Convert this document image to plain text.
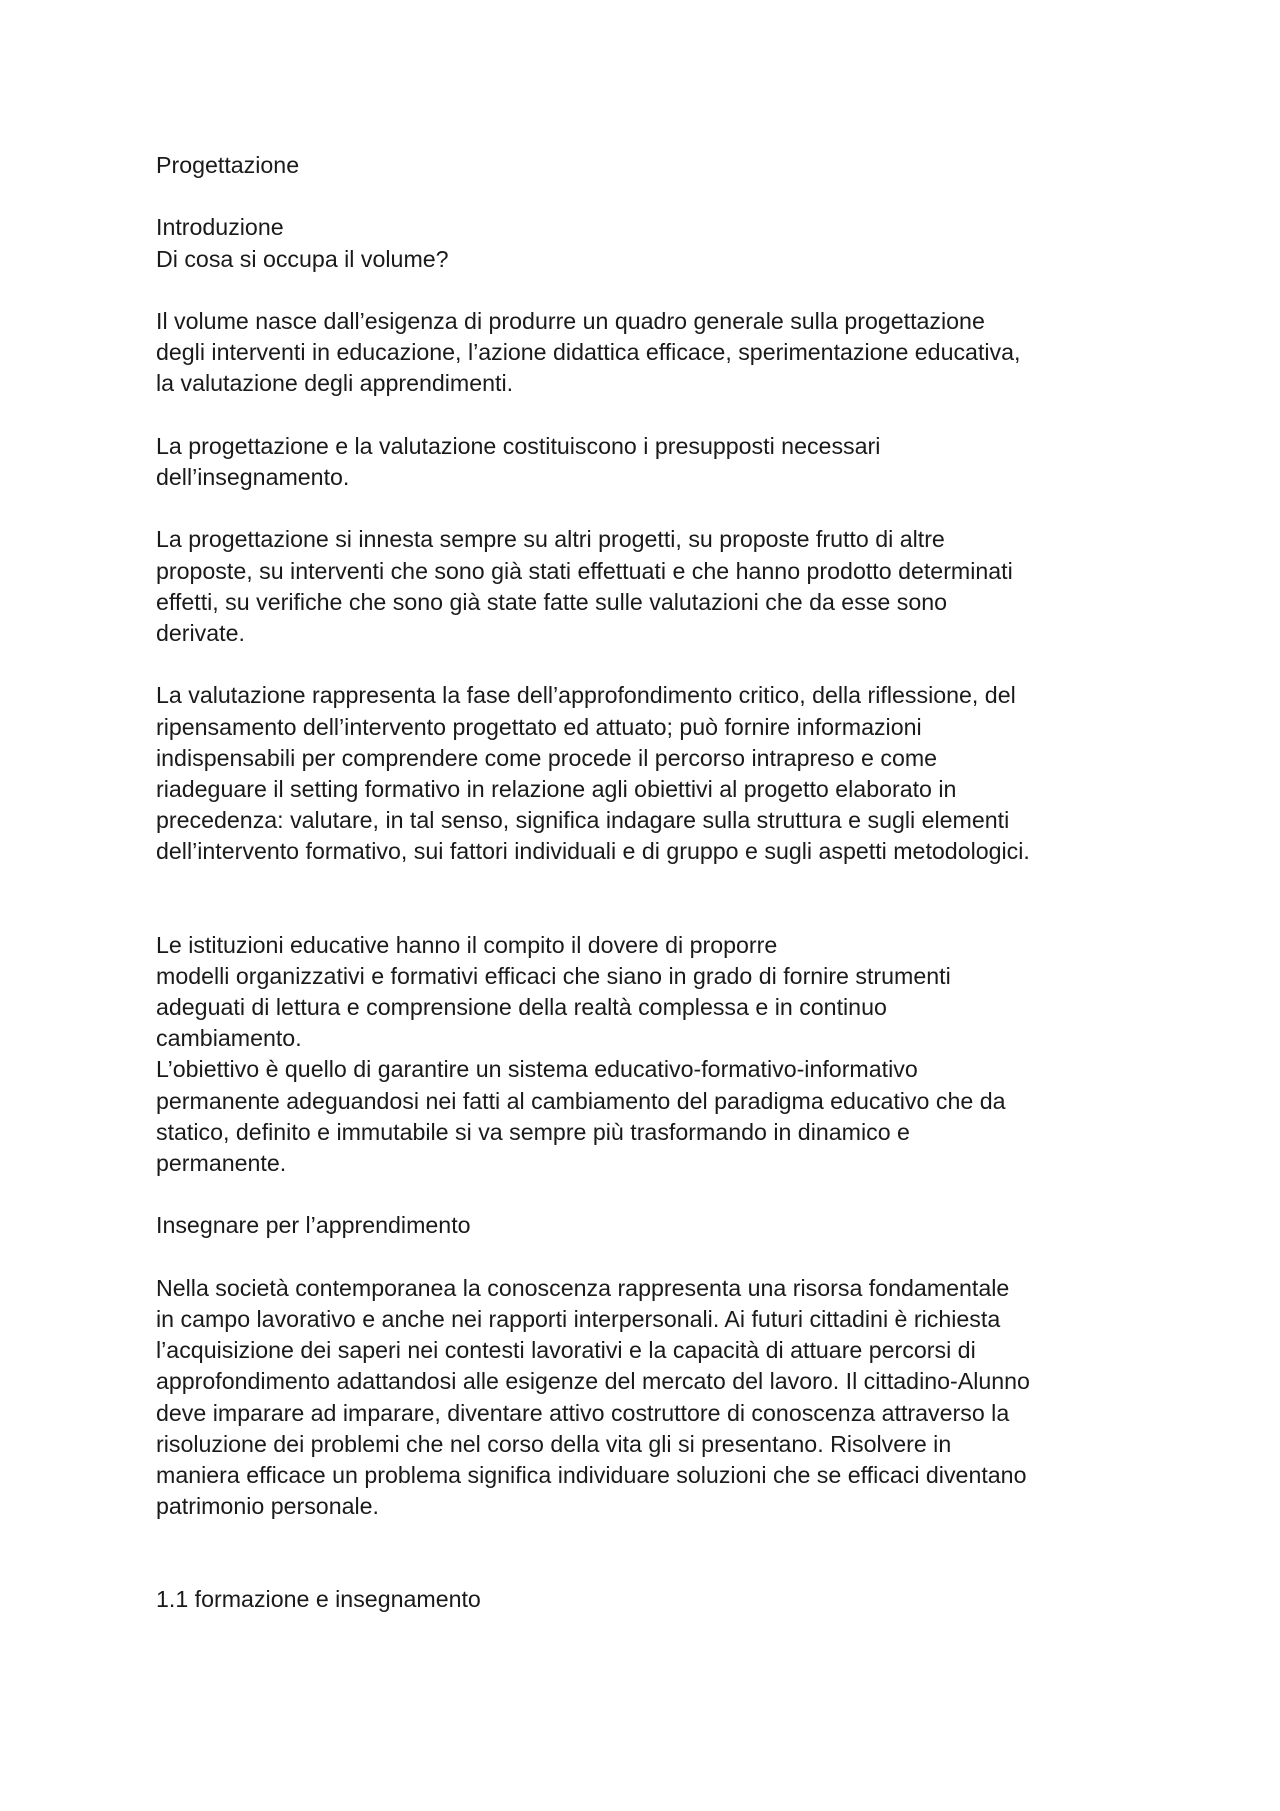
Progettazione
Introduzione
Di cosa si occupa il volume?
Il volume nasce dall’esigenza di produrre un quadro generale sulla progettazione
degli interventi in educazione, l’azione didattica efficace, sperimentazione educativa,
la valutazione degli apprendimenti.
La progettazione e la valutazione costituiscono i presupposti necessari
dell’insegnamento.
La progettazione si innesta sempre su altri progetti, su proposte frutto di altre
proposte, su interventi che sono già stati effettuati e che hanno prodotto determinati
effetti, su verifiche che sono già state fatte sulle valutazioni che da esse sono
derivate.
La valutazione rappresenta la fase dell’approfondimento critico, della riflessione, del
ripensamento dell’intervento progettato ed attuato; può fornire informazioni
indispensabili per comprendere come procede il percorso intrapreso e come
riadeguare il setting formativo in relazione agli obiettivi al progetto elaborato in
precedenza: valutare, in tal senso, significa indagare sulla struttura e sugli elementi
dell’intervento formativo, sui fattori individuali e di gruppo e sugli aspetti metodologici.
Le istituzioni educative hanno il compito il dovere di proporre
modelli organizzativi e formativi efficaci che siano in grado di fornire strumenti
adeguati di lettura e comprensione della realtà complessa e in continuo
cambiamento.
L’obiettivo è quello di garantire un sistema educativo-formativo-informativo
permanente adeguandosi nei fatti al cambiamento del paradigma educativo che da
statico, definito e immutabile si va sempre più trasformando in dinamico e
permanente.
Insegnare per l’apprendimento
Nella società contemporanea la conoscenza rappresenta una risorsa fondamentale
in campo lavorativo e anche nei rapporti interpersonali. Ai futuri cittadini è richiesta
l’acquisizione dei saperi nei contesti lavorativi e la capacità di attuare percorsi di
approfondimento adattandosi alle esigenze del mercato del lavoro. Il cittadino-Alunno
deve imparare ad imparare, diventare attivo costruttore di conoscenza attraverso la
risoluzione dei problemi che nel corso della vita gli si presentano. Risolvere in
maniera efficace un problema significa individuare soluzioni che se efficaci diventano
patrimonio personale.
1.1 formazione e insegnamento
